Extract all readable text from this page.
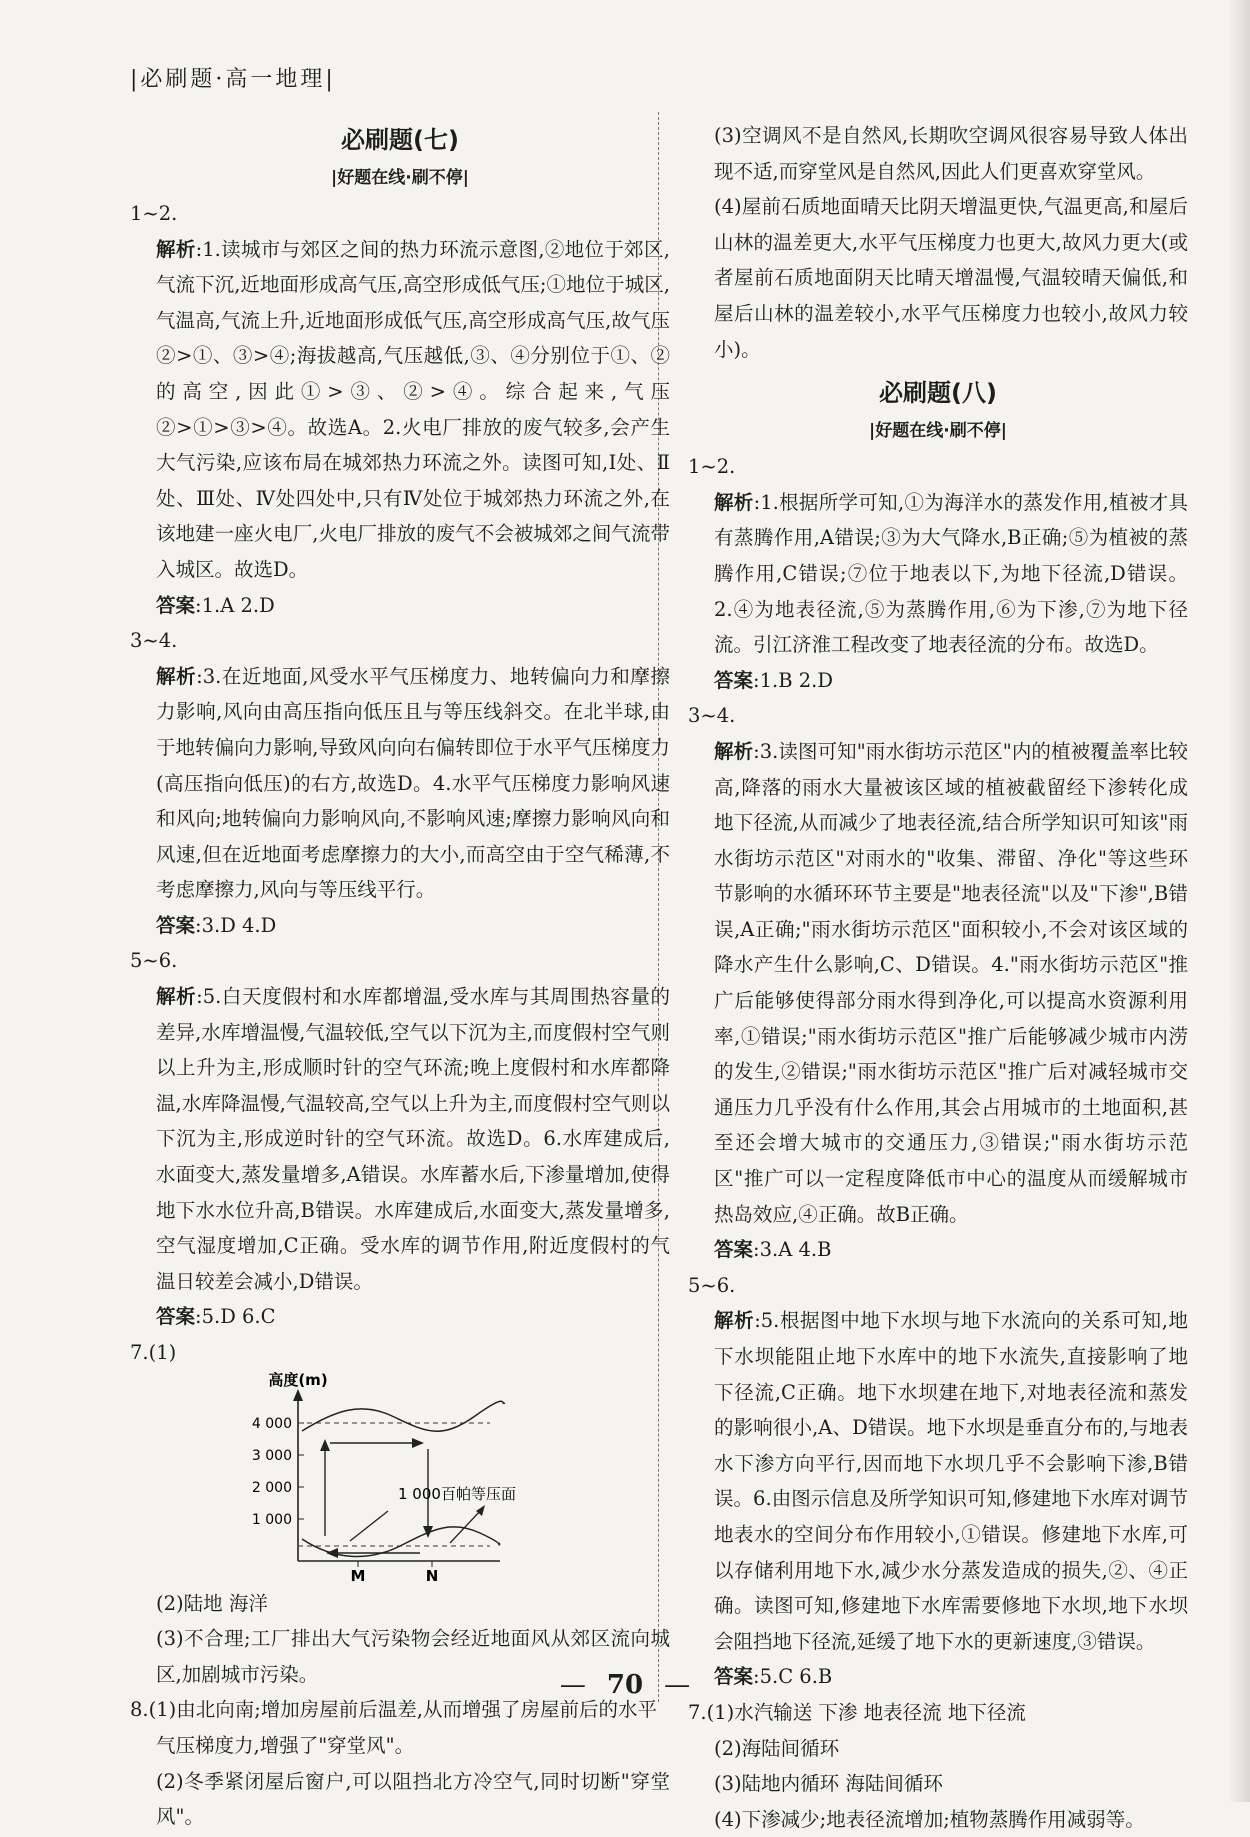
|必刷题·高一地理|
必刷题(七)
|好题在线·刷不停|
1~2.
解析:1.读城市与郊区之间的热力环流示意图,②地位于郊区,气流下沉,近地面形成高气压,高空形成低气压;①地位于城区,气温高,气流上升,近地面形成低气压,高空形成高气压,故气压②>①、③>④;海拔越高,气压越低,③、④分别位于①、②的高空,因此①>③、②>④。综合起来,气压②>①>③>④。故选A。2.火电厂排放的废气较多,会产生大气污染,应该布局在城郊热力环流之外。读图可知,Ⅰ处、Ⅱ处、Ⅲ处、Ⅳ处四处中,只有Ⅳ处位于城郊热力环流之外,在该地建一座火电厂,火电厂排放的废气不会被城郊之间气流带入城区。故选D。
答案:1.A 2.D
3~4.
解析:3.在近地面,风受水平气压梯度力、地转偏向力和摩擦力影响,风向由高压指向低压且与等压线斜交。在北半球,由于地转偏向力影响,导致风向向右偏转即位于水平气压梯度力(高压指向低压)的右方,故选D。4.水平气压梯度力影响风速和风向;地转偏向力影响风向,不影响风速;摩擦力影响风向和风速,但在近地面考虑摩擦力的大小,而高空由于空气稀薄,不考虑摩擦力,风向与等压线平行。
答案:3.D 4.D
5~6.
解析:5.白天度假村和水库都增温,受水库与其周围热容量的差异,水库增温慢,气温较低,空气以下沉为主,而度假村空气则以上升为主,形成顺时针的空气环流;晚上度假村和水库都降温,水库降温慢,气温较高,空气以上升为主,而度假村空气则以下沉为主,形成逆时针的空气环流。故选D。6.水库建成后,水面变大,蒸发量增多,A错误。水库蓄水后,下渗量增加,使得地下水水位升高,B错误。水库建成后,水面变大,蒸发量增多,空气湿度增加,C正确。受水库的调节作用,附近度假村的气温日较差会减小,D错误。
答案:5.D 6.C
7.(1)
高度(m)
4 000
3 000
2 000
1 000
1 000百帕等压面
M	N
(2)陆地 海洋
(3)不合理;工厂排出大气污染物会经近地面风从郊区流向城区,加剧城市污染。
8.(1)由北向南;增加房屋前后温差,从而增强了房屋前后的水平气压梯度力,增强了"穿堂风"。
(2)冬季紧闭屋后窗户,可以阻挡北方冷空气,同时切断"穿堂风"。
(3)空调风不是自然风,长期吹空调风很容易导致人体出现不适,而穿堂风是自然风,因此人们更喜欢穿堂风。
(4)屋前石质地面晴天比阴天增温更快,气温更高,和屋后山林的温差更大,水平气压梯度力也更大,故风力更大(或者屋前石质地面阴天比晴天增温慢,气温较晴天偏低,和屋后山林的温差较小,水平气压梯度力也较小,故风力较小)。
必刷题(八)
|好题在线·刷不停|
1~2.
解析:1.根据所学可知,①为海洋水的蒸发作用,植被才具有蒸腾作用,A错误;③为大气降水,B正确;⑤为植被的蒸腾作用,C错误;⑦位于地表以下,为地下径流,D错误。2.④为地表径流,⑤为蒸腾作用,⑥为下渗,⑦为地下径流。引江济淮工程改变了地表径流的分布。故选D。
答案:1.B 2.D
3~4.
解析:3.读图可知"雨水街坊示范区"内的植被覆盖率比较高,降落的雨水大量被该区域的植被截留经下渗转化成地下径流,从而减少了地表径流,结合所学知识可知该"雨水街坊示范区"对雨水的"收集、滞留、净化"等这些环节影响的水循环环节主要是"地表径流"以及"下渗",B错误,A正确;"雨水街坊示范区"面积较小,不会对该区域的降水产生什么影响,C、D错误。4."雨水街坊示范区"推广后能够使得部分雨水得到净化,可以提高水资源利用率,①错误;"雨水街坊示范区"推广后能够减少城市内涝的发生,②错误;"雨水街坊示范区"推广后对减轻城市交通压力几乎没有什么作用,其会占用城市的土地面积,甚至还会增大城市的交通压力,③错误;"雨水街坊示范区"推广可以一定程度降低市中心的温度从而缓解城市热岛效应,④正确。故B正确。
答案:3.A 4.B
5~6.
解析:5.根据图中地下水坝与地下水流向的关系可知,地下水坝能阻止地下水库中的地下水流失,直接影响了地下径流,C正确。地下水坝建在地下,对地表径流和蒸发的影响很小,A、D错误。地下水坝是垂直分布的,与地表水下渗方向平行,因而地下水坝几乎不会影响下渗,B错误。6.由图示信息及所学知识可知,修建地下水库对调节地表水的空间分布作用较小,①错误。修建地下水库,可以存储利用地下水,减少水分蒸发造成的损失,②、④正确。读图可知,修建地下水库需要修地下水坝,地下水坝会阻挡地下径流,延缓了地下水的更新速度,③错误。
答案:5.C 6.B
7.(1)水汽输送 下渗 地表径流 地下径流
(2)海陆间循环
(3)陆地内循环 海陆间循环
(4)下渗减少;地表径流增加;植物蒸腾作用减弱等。
— 70 —
